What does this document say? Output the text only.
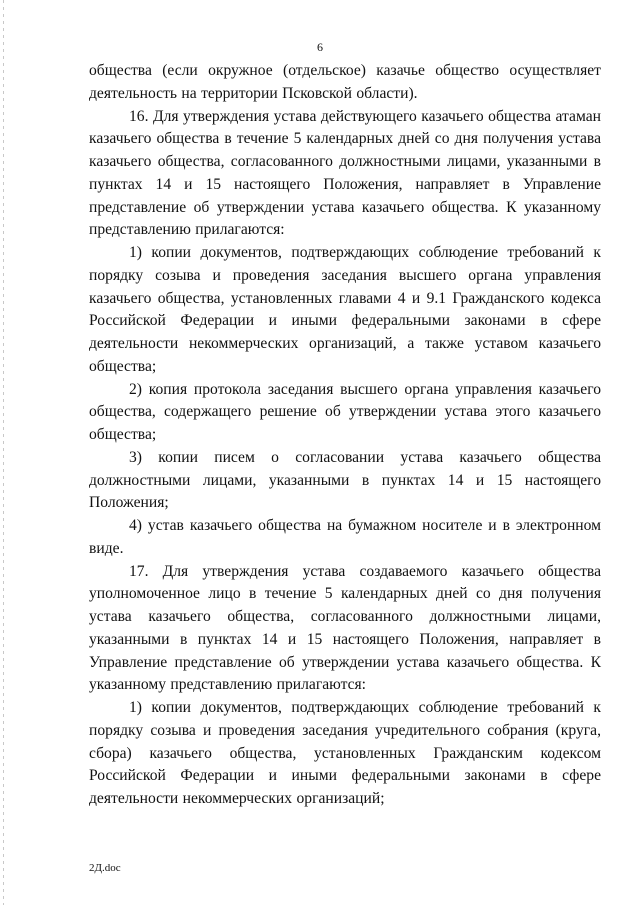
6

общества (если окружное (отдельское) казачье общество осуществляет деятельность на территории Псковской области).

16. Для утверждения устава действующего казачьего общества атаман казачьего общества в течение 5 календарных дней со дня получения устава казачьего общества, согласованного должностными лицами, указанными в пунктах 14 и 15 настоящего Положения, направляет в Управление представление об утверждении устава казачьего общества. К указанному представлению прилагаются:

1) копии документов, подтверждающих соблюдение требований к порядку созыва и проведения заседания высшего органа управления казачьего общества, установленных главами 4 и 9.1 Гражданского кодекса Российской Федерации и иными федеральными законами в сфере деятельности некоммерческих организаций, а также уставом казачьего общества;

2) копия протокола заседания высшего органа управления казачьего общества, содержащего решение об утверждении устава этого казачьего общества;

3) копии писем о согласовании устава казачьего общества должностными лицами, указанными в пунктах 14 и 15 настоящего Положения;

4) устав казачьего общества на бумажном носителе и в электронном виде.

17. Для утверждения устава создаваемого казачьего общества уполномоченное лицо в течение 5 календарных дней со дня получения устава казачьего общества, согласованного должностными лицами, указанными в пунктах 14 и 15 настоящего Положения, направляет в Управление представление об утверждении устава казачьего общества. К указанному представлению прилагаются:

1) копии документов, подтверждающих соблюдение требований к порядку созыва и проведения заседания учредительного собрания (круга, сбора) казачьего общества, установленных Гражданским кодексом Российской Федерации и иными федеральными законами в сфере деятельности некоммерческих организаций;

2Д.doc
